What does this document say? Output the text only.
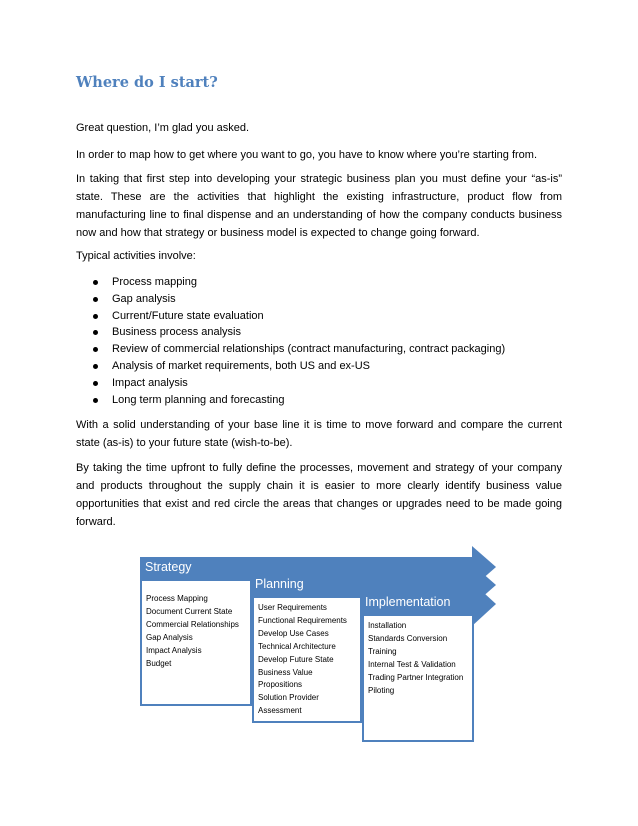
Where do I start?

Great question, I’m glad you asked.

In order to map how to get where you want to go, you have to know where you’re starting from.

In taking that first step into developing your strategic business plan you must define your “as-is” state. These are the activities that highlight the existing infrastructure, product flow from manufacturing line to final dispense and an understanding of how the company conducts business now and how that strategy or business model is expected to change going forward.

Typical activities involve:

Process mapping
Gap analysis
Current/Future state evaluation
Business process analysis
Review of commercial relationships (contract manufacturing, contract packaging)
Analysis of market requirements, both US and ex-US
Impact analysis
Long term planning and forecasting

With a solid understanding of your base line it is time to move forward and compare the current state (as-is) to your future state (wish-to-be).

By taking the time upfront to fully define the processes, movement and strategy of your company and products throughout the supply chain it is easier to more clearly identify business value opportunities that exist and red circle the areas that changes or upgrades need to be made going forward.

Process Mapping
Document Current State
Commercial Relationships
Gap Analysis
Impact Analysis
Budget
Strategy
User Requirements
Functional Requirements
Develop Use Cases
Technical Architecture
Develop Future State
Business Value Propositions
Solution Provider Assessment
Planning
Installation
Standards Conversion
Training
Internal Test & Validation
Trading Partner Integration
Piloting
Implementation
